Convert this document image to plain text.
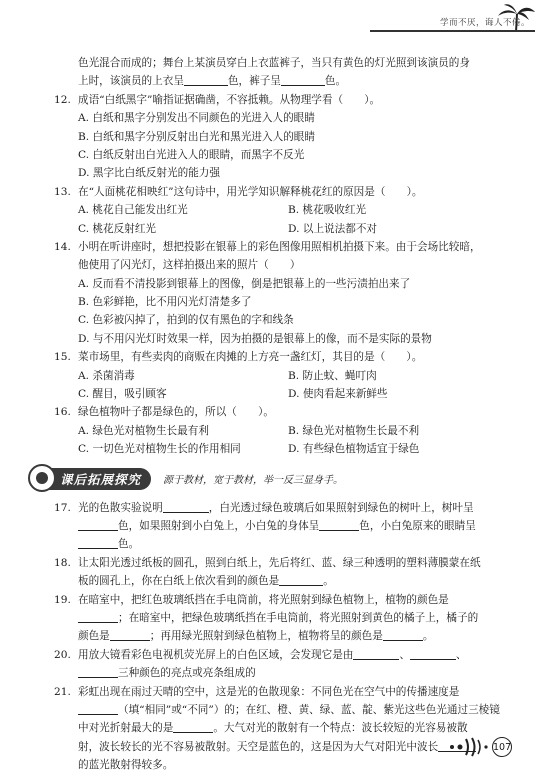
学而不厌，诲人不倦。
色光混合而成的；舞台上某演员穿白上衣蓝裤子，当只有黄色的灯光照到该演员的身
上时，该演员的上衣呈	色，裤子呈	色。
12. 成语“白纸黑字”喻指证据确凿，不容抵赖。从物理学看（　　）。
A. 白纸和黑字分别发出不同颜色的光进入人的眼睛
B. 白纸和黑字分别反射出白光和黑光进入人的眼睛
C. 白纸反射出白光进入人的眼睛，而黑字不反光
D. 黑字比白纸反射光的能力强
13. 在“人面桃花相映红”这句诗中，用光学知识解释桃花红的原因是（　　）。
A. 桃花自己能发出红光	B. 桃花吸收红光
C. 桃花反射红光	D. 以上说法都不对
14. 小明在听讲座时，想把投影在银幕上的彩色图像用照相机拍摄下来。由于会场比较暗，
他使用了闪光灯，这样拍摄出来的照片（　　）
A. 反而看不清投影到银幕上的图像，倒是把银幕上的一些污渍拍出来了
B. 色彩鲜艳，比不用闪光灯清楚多了
C. 色彩被闪掉了，拍到的仅有黑色的字和线条
D. 与不用闪光灯时效果一样，因为拍摄的是银幕上的像，而不是实际的景物
15. 菜市场里，有些卖肉的商贩在肉摊的上方亮一盏红灯，其目的是（　　）。
A. 杀菌消毒	B. 防止蚊、蝇叮肉
C. 醒目，吸引顾客	D. 使肉看起来新鲜些
16. 绿色植物叶子都是绿色的，所以（　　）。
A. 绿色光对植物生长最有利	B. 绿色光对植物生长最不利
C. 一切色光对植物生长的作用相同	D. 有些绿色植物适宜于绿色
课后拓展探究 源于教材，宽于教材，举一反三显身手。
17. 光的色散实验说明	，白光透过绿色玻璃后如果照射到绿色的树叶上，树叶呈
色，如果照射到小白兔上，小白兔的身体呈	色，小白兔原来的眼睛呈
色。
18. 让太阳光透过纸板的圆孔，照到白纸上，先后将红、蓝、绿三种透明的塑料薄膜蒙在纸
板的圆孔上，你在白纸上依次看到的颜色是	。
19. 在暗室中，把红色玻璃纸挡在手电筒前，将光照射到绿色植物上，植物的颜色是
；在暗室中，把绿色玻璃纸挡在手电筒前，将光照射到黄色的橘子上，橘子的
颜色是	；再用绿光照射到绿色植物上，植物将呈的颜色是	。
20. 用放大镜看彩色电视机荧光屏上的白色区域，会发现它是由	、	、
三种颜色的亮点或亮条组成的
21. 彩虹出现在雨过天晴的空中，这是光的色散现象：不同色光在空气中的传播速度是
（填“相同”或“不同”）的；在红、橙、黄、绿、蓝、靛、紫光这些色光通过三棱镜
中对光折射最大的是	。大气对光的散射有一个特点：波长较短的光容易被散
射，波长较长的光不容易被散射。天空是蓝色的，这是因为大气对阳光中波长
的蓝光散射得较多。
107
